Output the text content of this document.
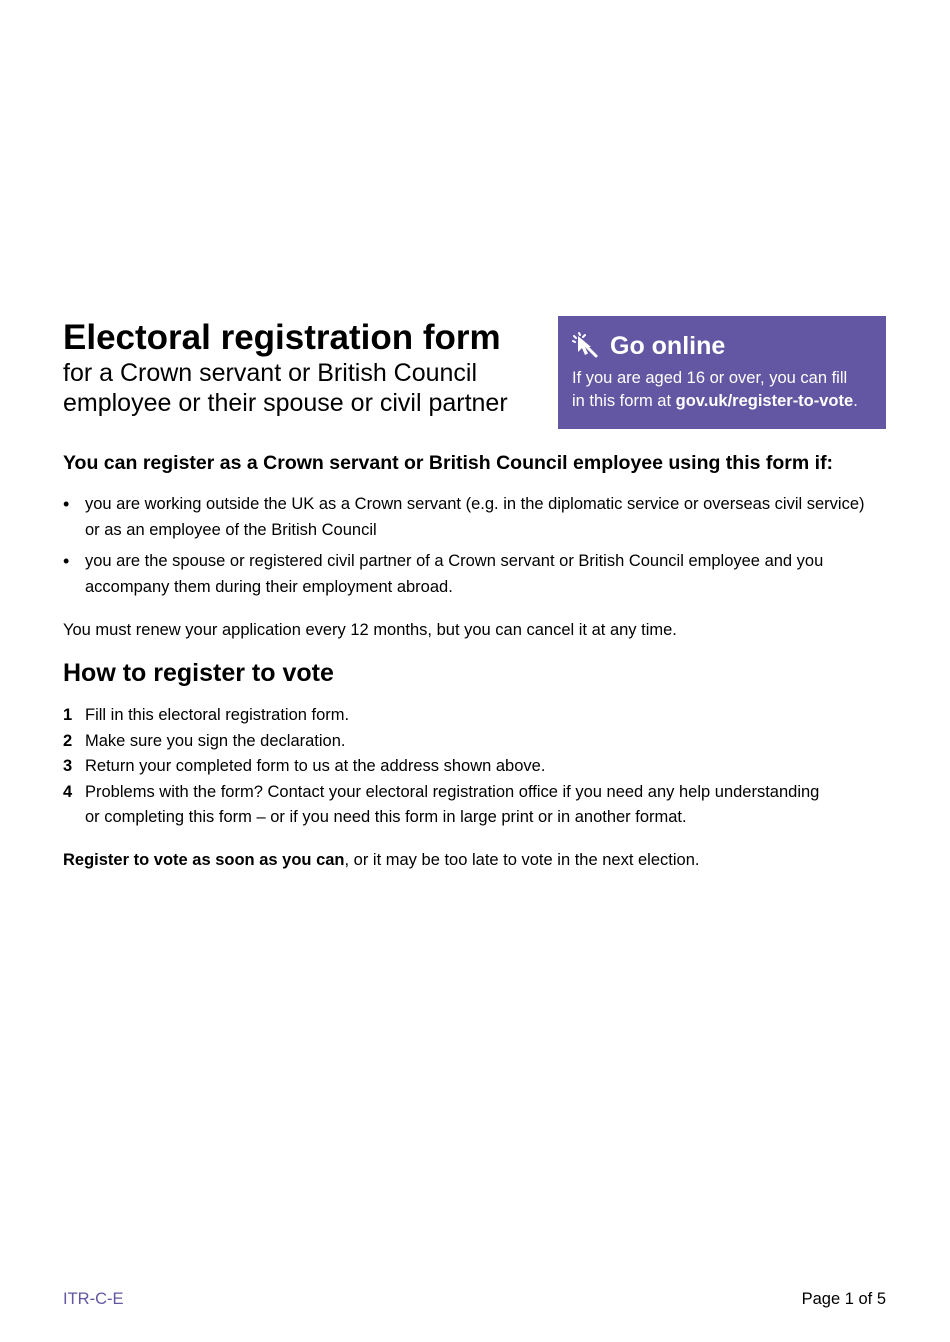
Electoral registration form

for a Crown servant or British Council
employee or their spouse or civil partner

Go online
If you are aged 16 or over, you can fill
in this form at gov.uk/register-to-vote.
You can register as a Crown servant or British Council employee using this form if:
• you are working outside the UK as a Crown servant (e.g. in the diplomatic service or overseas civil service)
or as an employee of the British Council
• you are the spouse or registered civil partner of a Crown servant or British Council employee and you
accompany them during their employment abroad.

You must renew your application every 12 months, but you can cancel it at any time.

How to register to vote
1 Fill in this electoral registration form.
2 Make sure you sign the declaration.
3 Return your completed form to us at the address shown above.
4 Problems with the form? Contact your electoral registration office if you need any help understanding
or completing this form – or if you need this form in large print or in another format.

Register to vote as soon as you can, or it may be too late to vote in the next election.

ITR-C-E	Page 1 of 5
